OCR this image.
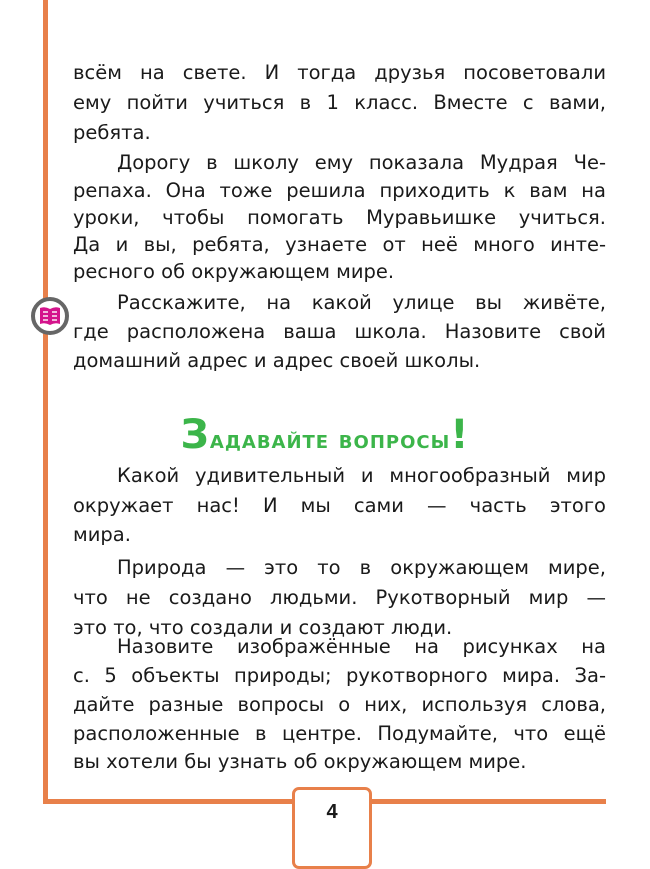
4
всём на свете. И тогда друзья посоветовали
ему пойти учиться в 1 класс. Вместе с вами,
ребята.
Дорогу в школу ему показала Мудрая Че-
репаха. Она тоже решила приходить к вам на
уроки, чтобы помогать Муравьишке учиться.
Да и вы, ребята, узнаете от неё много инте-
ресного об окружающем мире.
Расскажите, на какой улице вы живёте,
где расположена ваша школа. Назовите свой
домашний адрес и адрес своей школы.
Задавайте вопросы!
Какой удивительный и многообразный мир
окружает нас! И мы сами — часть этого
мира.
Природа — это то в окружающем мире,
что не создано людьми. Рукотворный мир —
это то, что создали и создают люди.
Назовите изображённые на рисунках на
с. 5 объекты природы; рукотворного мира. За-
дайте разные вопросы о них, используя слова,
расположенные в центре. Подумайте, что ещё
вы хотели бы узнать об окружающем мире.
